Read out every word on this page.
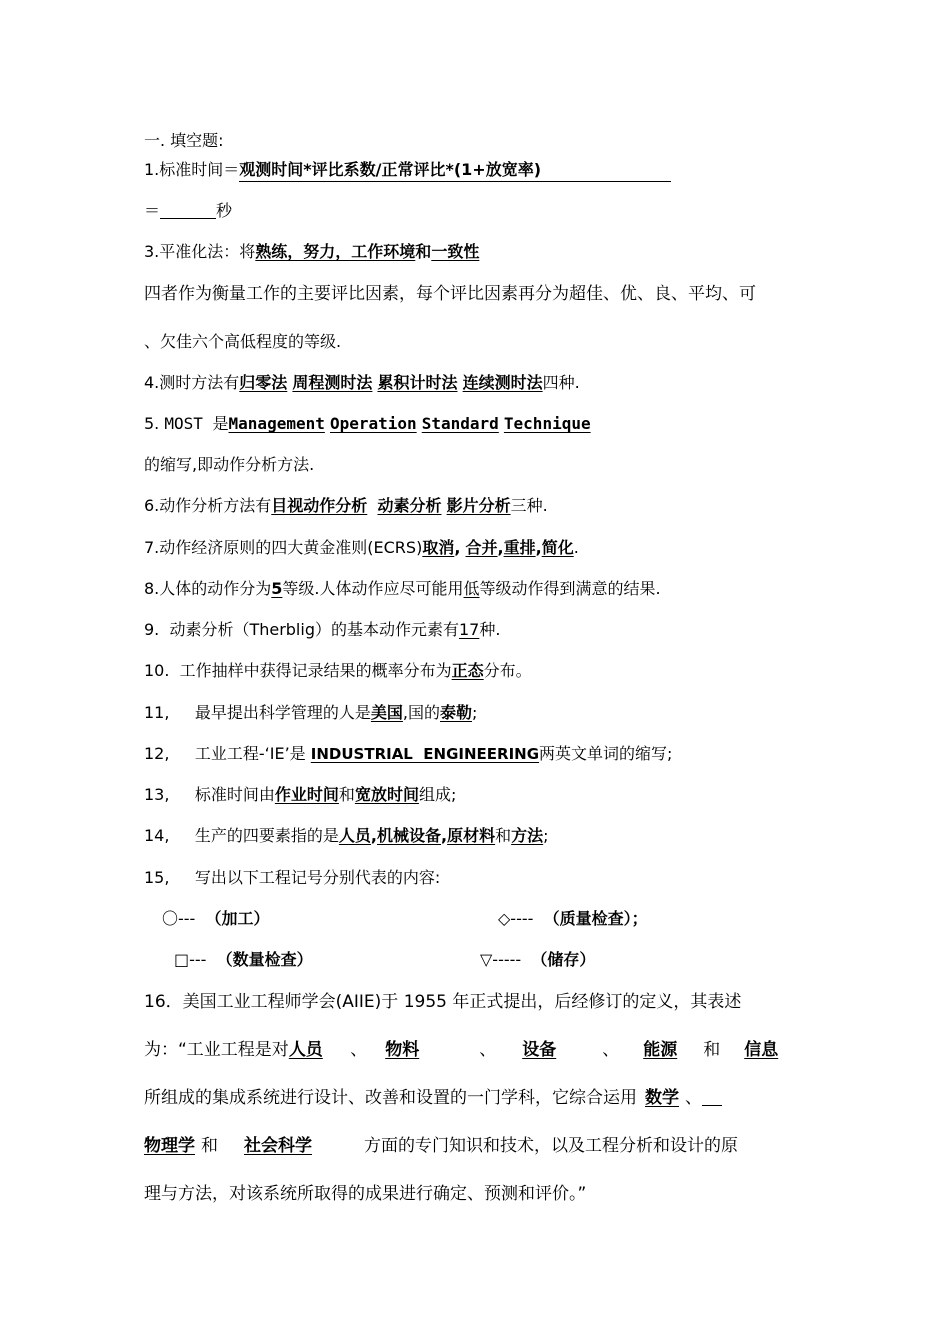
一. 填空题:
1.标准时间＝观测时间*评比系数/正常评比*(1+放宽率)
＝	秒
3.平准化法：将熟练，努力，工作环境和一致性
四者作为衡量工作的主要评比因素，每个评比因素再分为超佳、优、良、平均、可
、欠佳六个高低程度的等级.
4.测时方法有归零法 周程测时法 累积计时法 连续测时法四种.
5. MOST 是Management Operation Standard Technique
的缩写,即动作分析方法.
6.动作分析方法有目视动作分析 动素分析 影片分析三种.
7.动作经济原则的四大黄金准则(ECRS)取消, 合并,重排,简化.
8.人体的动作分为5等级.人体动作应尽可能用低等级动作得到满意的结果.
9. 动素分析（Therblig）的基本动作元素有17种.
10. 工作抽样中获得记录结果的概率分布为正态分布。
11, 最早提出科学管理的人是美国,国的泰勒;
12, 工业工程-‘IE’是 INDUSTRIAL  ENGINEERING两英文单词的缩写;
13, 标准时间由作业时间和宽放时间组成;
14, 生产的四要素指的是人员,机械设备,原材料和方法;
15, 写出以下工程记号分别代表的内容:
〇--- （加工）	◇---- （质量检查）；
□--- （数量检查）	▽----- （储存）
16．美国工业工程师学会(AIIE)于 1955 年正式提出，后经修订的定义，其表述
为：“工业工程是对人员 、 物料	、 设备	、 能源 和 信息
所组成的集成系统进行设计、改善和设置的一门学科，它综合运用 数学 、
物理学 和 社会科学	方面的专门知识和技术，以及工程分析和设计的原
理与方法，对该系统所取得的成果进行确定、预测和评价。”
